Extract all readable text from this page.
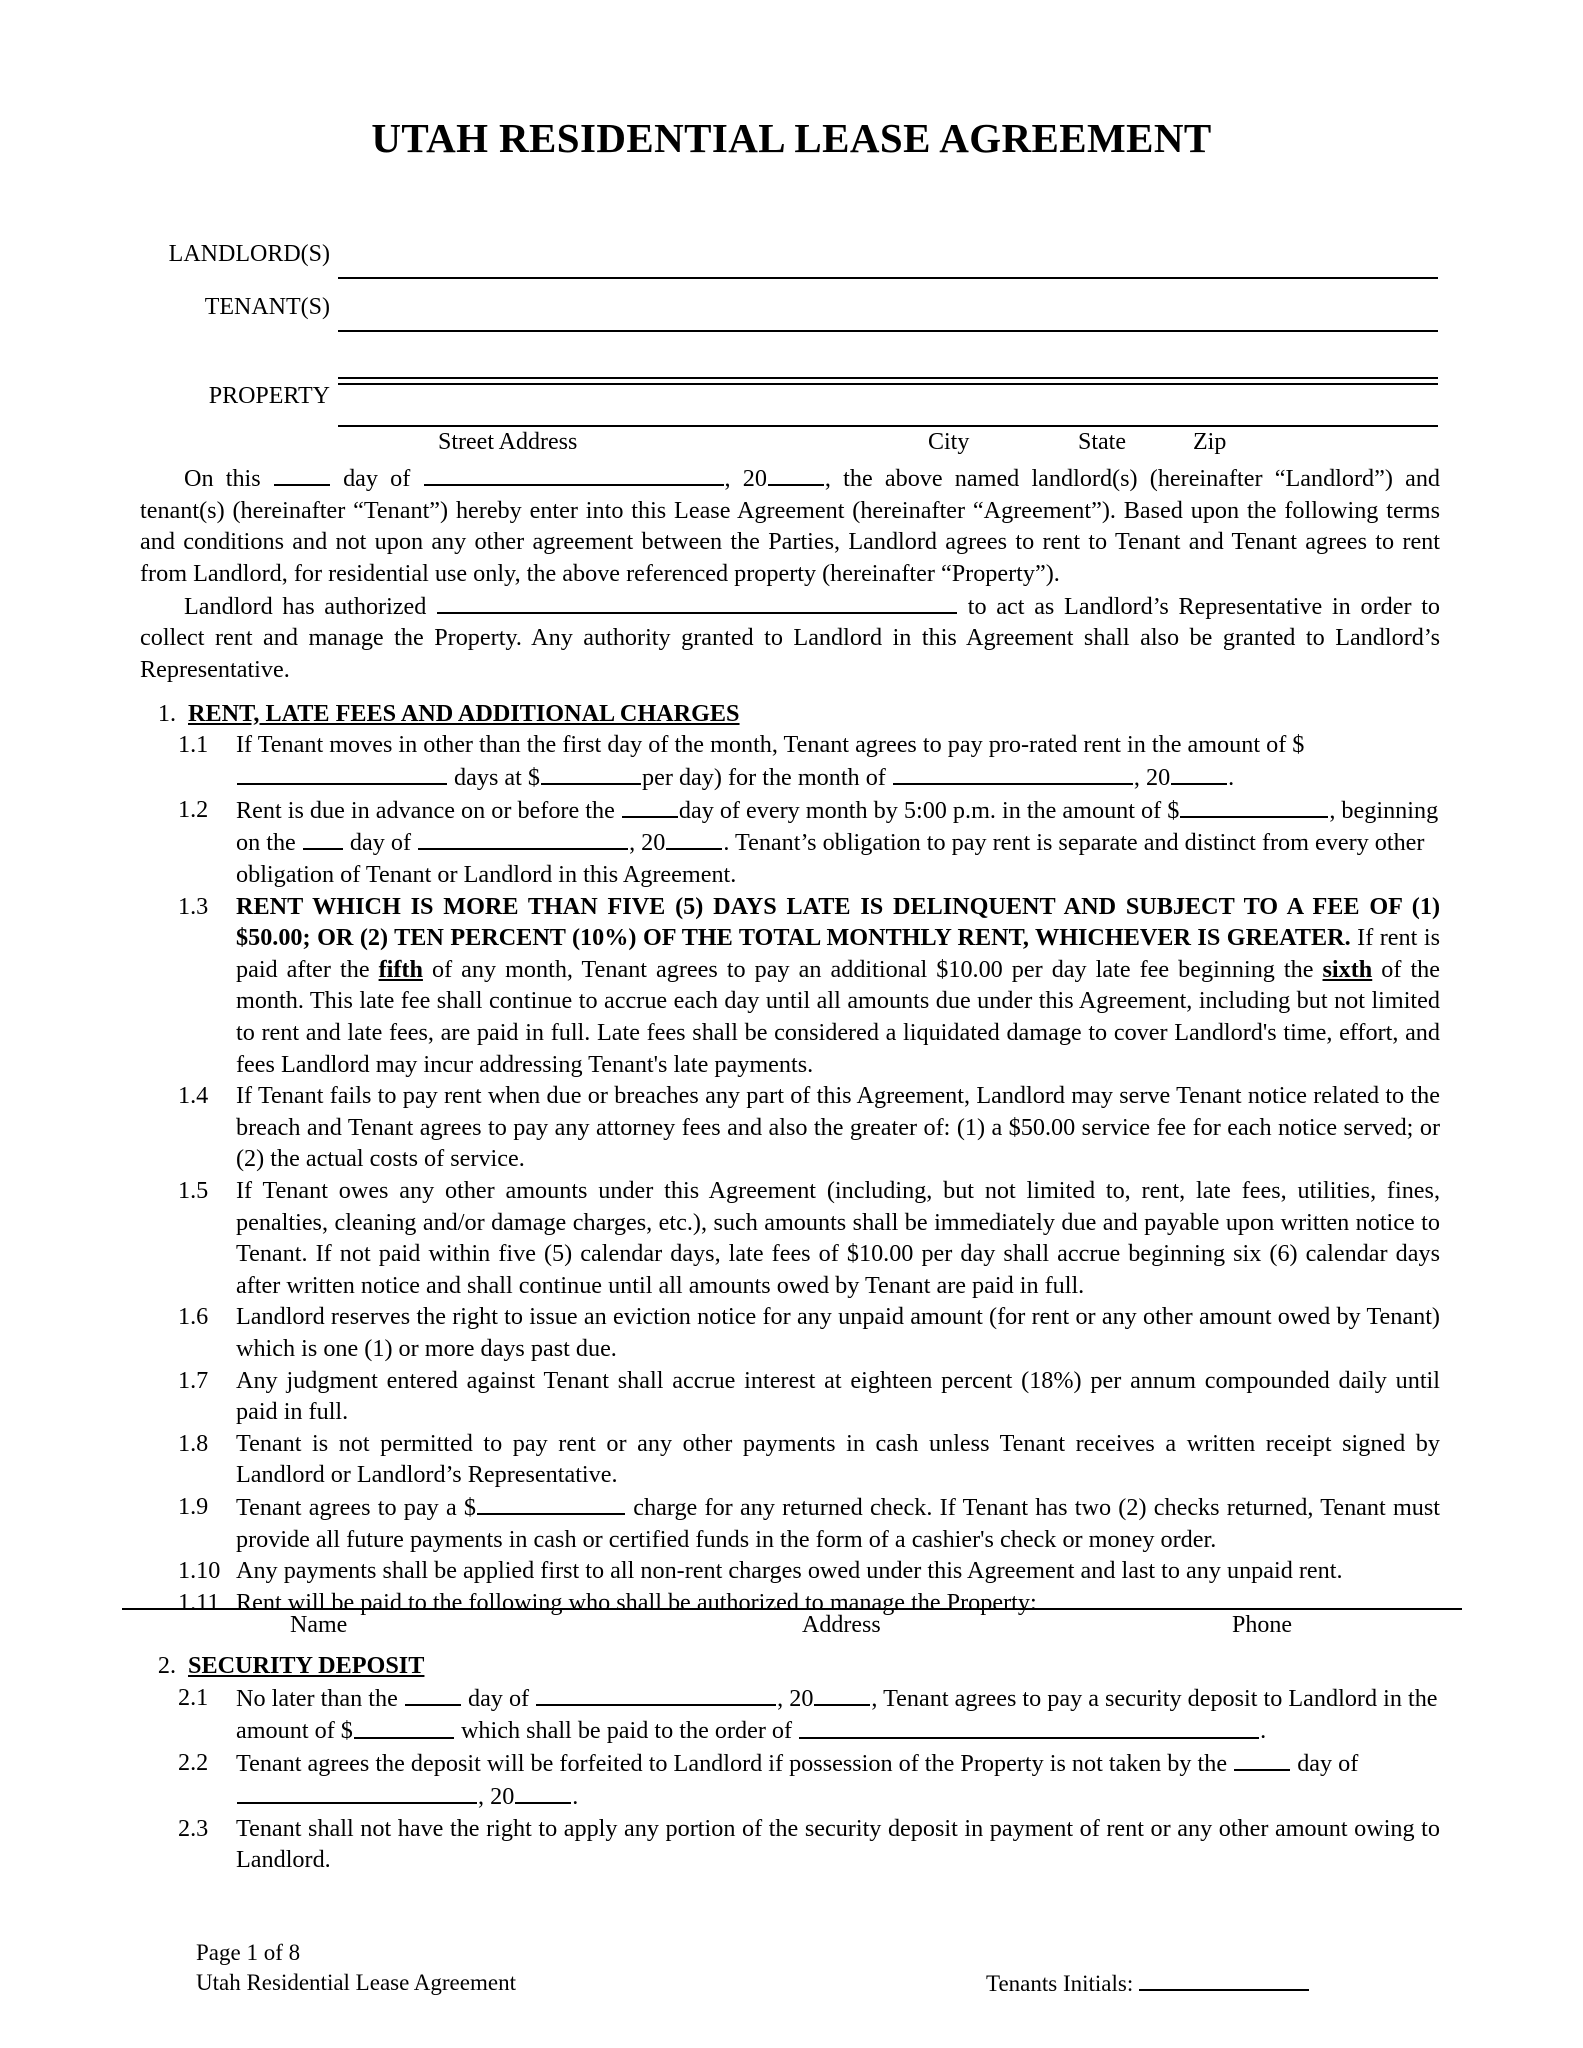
UTAH RESIDENTIAL LEASE AGREEMENT
LANDLORD(S)
TENANT(S)
PROPERTY
Street Address	City	State	Zip

On this	day of	, 20 , the above named landlord(s) (hereinafter “Landlord”) and tenant(s) (hereinafter “Tenant”) hereby enter into this Lease Agreement (hereinafter “Agreement”). Based upon the following terms and conditions and not upon any other agreement between the Parties, Landlord agrees to rent to Tenant and Tenant agrees to rent from Landlord, for residential use only, the above referenced property (hereinafter “Property”).

Landlord has authorized	to act as Landlord’s Representative in order to collect rent and manage the Property. Any authority granted to Landlord in this Agreement shall also be granted to Landlord’s Representative.

1. RENT, LATE FEES AND ADDITIONAL CHARGES
1.1	If Tenant moves in other than the first day of the month, Tenant agrees to pay pro-rated rent in the amount of $ days at $	per day) for the month of	, 20 .
1.2	Rent is due in advance on or before the	day of every month by 5:00 p.m. in the amount of $	, beginning on the day of	, 20 . Tenant’s obligation to pay rent is separate and distinct from every other obligation of Tenant or Landlord in this Agreement.
1.3	RENT WHICH IS MORE THAN FIVE (5) DAYS LATE IS DELINQUENT AND SUBJECT TO A FEE OF (1) $50.00; OR (2) TEN PERCENT (10%) OF THE TOTAL MONTHLY RENT, WHICHEVER IS GREATER. If rent is paid after the fifth of any month, Tenant agrees to pay an additional $10.00 per day late fee beginning the sixth of the month. This late fee shall continue to accrue each day until all amounts due under this Agreement, including but not limited to rent and late fees, are paid in full. Late fees shall be considered a liquidated damage to cover Landlord's time, effort, and fees Landlord may incur addressing Tenant's late payments.
1.4	If Tenant fails to pay rent when due or breaches any part of this Agreement, Landlord may serve Tenant notice related to the breach and Tenant agrees to pay any attorney fees and also the greater of: (1) a $50.00 service fee for each notice served; or (2) the actual costs of service.
1.5	If Tenant owes any other amounts under this Agreement (including, but not limited to, rent, late fees, utilities, fines, penalties, cleaning and/or damage charges, etc.), such amounts shall be immediately due and payable upon written notice to Tenant. If not paid within five (5) calendar days, late fees of $10.00 per day shall accrue beginning six (6) calendar days after written notice and shall continue until all amounts owed by Tenant are paid in full.
1.6	Landlord reserves the right to issue an eviction notice for any unpaid amount (for rent or any other amount owed by Tenant) which is one (1) or more days past due.
1.7	Any judgment entered against Tenant shall accrue interest at eighteen percent (18%) per annum compounded daily until paid in full.
1.8	Tenant is not permitted to pay rent or any other payments in cash unless Tenant receives a written receipt signed by Landlord or Landlord’s Representative.
1.9	Tenant agrees to pay a $	charge for any returned check. If Tenant has two (2) checks returned, Tenant must provide all future payments in cash or certified funds in the form of a cashier's check or money order.
1.10 Any payments shall be applied first to all non-rent charges owed under this Agreement and last to any unpaid rent.
1.11 Rent will be paid to the following who shall be authorized to manage the Property:
Name	Address	Phone
2. SECURITY DEPOSIT
2.1	No later than the	day of	, 20 , Tenant agrees to pay a security deposit to Landlord in the amount of $	which shall be paid to the order of	.
2.2	Tenant agrees the deposit will be forfeited to Landlord if possession of the Property is not taken by the	day of , 20 .
2.3	Tenant shall not have the right to apply any portion of the security deposit in payment of rent or any other amount owing to Landlord.
Page 1 of 8
Utah Residential Lease Agreement	Tenants Initials:
